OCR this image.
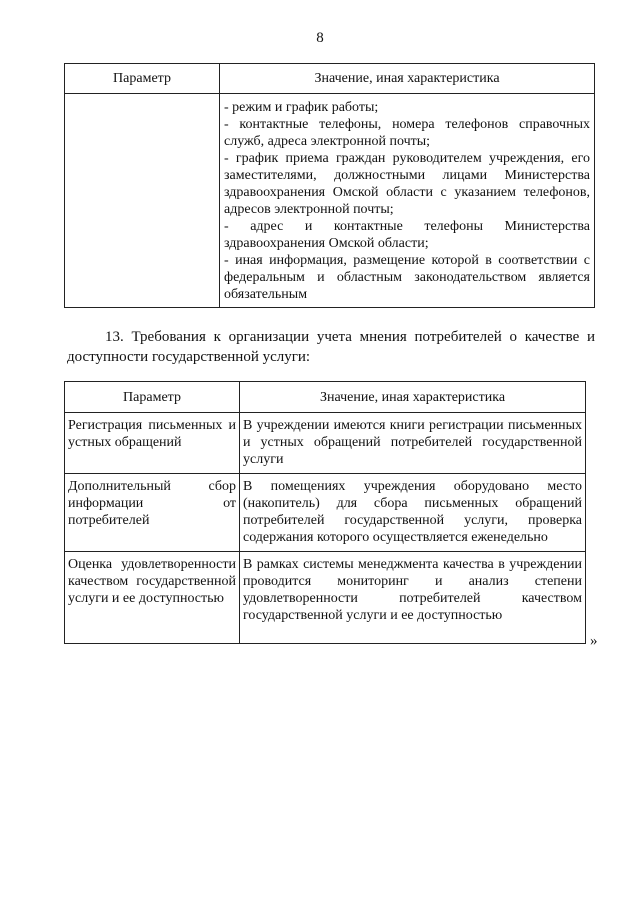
8
Параметр	Значение, иная характеристика

	- режим и график работы;
- контактные телефоны, номера телефонов справочных служб, адреса электронной почты;
- график приема граждан руководителем учреждения, его заместителями, должностными лицами Министерства здравоохранения Омской области с указанием телефонов, адресов электронной почты;
- адрес и контактные телефоны Министерства здравоохранения Омской области;
- иная информация, размещение которой в соответствии с федеральным и областным законодательством является обязательным
13. Требования к организации учета мнения потребителей о качестве и доступности государственной услуги:
Параметр	Значение, иная характеристика
Регистрация письменных и устных обращений	В учреждении имеются книги регистрации письменных и устных обращений потребителей государственной услуги
Дополнительный сбор информации от потребителей	В помещениях учреждения оборудовано место (накопитель) для сбора письменных обращений потребителей государственной услуги, проверка содержания которого осуществляется еженедельно
Оценка удовлетворенности качеством государственной услуги и ее доступностью	В рамках системы менеджмента качества в учреждении проводится мониторинг и анализ степени удовлетворенности потребителей качеством государственной услуги и ее доступностью
»
